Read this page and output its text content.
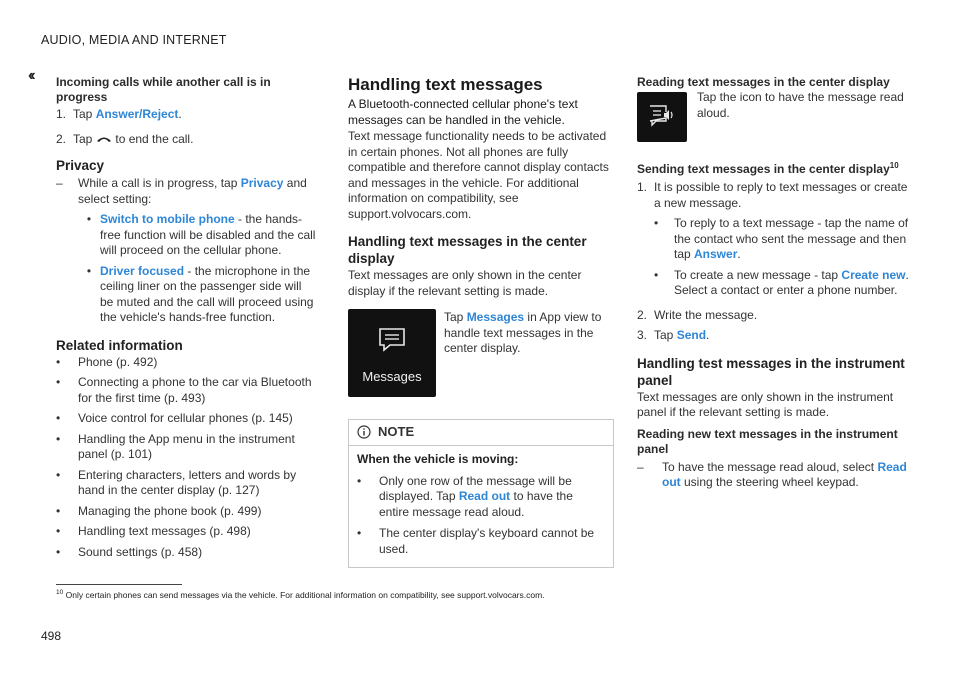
AUDIO, MEDIA AND INTERNET
‹‹ Incoming calls while another call is in progress

1. Tap Answer/Reject.
2. Tap to end the call.

Privacy

–	While a call is in progress, tap Privacy and select setting:
• Switch to mobile phone - the hands-free function will be disabled and the call will proceed on the cellular phone.
• Driver focused - the microphone in the ceiling liner on the passenger side will be muted and the call will proceed using the vehicle's hands-free function.

Related information

•	Phone (p. 492)
•	Connecting a phone to the car via Bluetooth for the first time (p. 493)
•	Voice control for cellular phones (p. 145)
•	Handling the App menu in the instrument panel (p. 101)
•	Entering characters, letters and words by hand in the center display (p. 127)
•	Managing the phone book (p. 499)
•	Handling text messages (p. 498)
•	Sound settings (p. 458)

Handling text messages

A Bluetooth-connected cellular phone's text messages can be handled in the vehicle.

Text message functionality needs to be activated in certain phones. Not all phones are fully compatible and therefore cannot display contacts and messages in the vehicle. For additional information on compatibility, see support.volvocars.com.

Handling text messages in the center display

Text messages are only shown in the center display if the relevant setting is made.

Messages

Tap Messages in App view to handle text messages in the center display.

NOTE

When the vehicle is moving:

•	Only one row of the message will be displayed. Tap Read out to have the entire message read aloud.
•	The center display's keyboard cannot be used.

Reading text messages in the center display

Tap the icon to have the message read aloud.

Sending text messages in the center display$^{10}$

1. It is possible to reply to text messages or create a new message.
•	To reply to a text message - tap the name of the contact who sent the message and then tap Answer.
•	To create a new message - tap Create new. Select a contact or enter a phone number.
2. Write the message.
3. Tap Send.

Handling test messages in the instrument panel

Text messages are only shown in the instrument panel if the relevant setting is made.

Reading new text messages in the instrument panel

–	To have the message read aloud, select Read out using the steering wheel keypad.
$^{10}$ Only certain phones can send messages via the vehicle. For additional information on compatibility, see support.volvocars.com.
498
